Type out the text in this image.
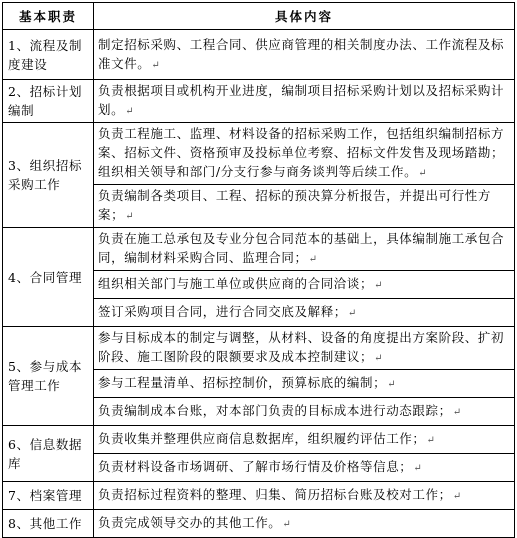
基本职责	具体内容
1、流程及制度建设	制定招标采购、工程合同、供应商管理的相关制度办法、工作流程及标准文件。↵
2、招标计划编制	负责根据项目或机构开业进度，编制项目招标采购计划以及招标采购计划。↵
3、组织招标采购工作	负责工程施工、监理、材料设备的招标采购工作，包括组织编制招标方案、招标文件、资格预审及投标单位考察、招标文件发售及现场踏勘；组织相关领导和部门/分支行参与商务谈判等后续工作。↵
	负责编制各类项目、工程、招标的预决算分析报告，并提出可行性方案；↵
4、合同管理	负责在施工总承包及专业分包合同范本的基础上，具体编制施工承包合同，编制材料采购合同、监理合同；↵
	组织相关部门与施工单位或供应商的合同洽谈；↵
	签订采购项目合同，进行合同交底及解释；↵
5、参与成本管理工作	参与目标成本的制定与调整，从材料、设备的角度提出方案阶段、扩初阶段、施工图阶段的限额要求及成本控制建议；↵
	参与工程量清单、招标控制价，预算标底的编制；↵
	负责编制成本台账，对本部门负责的目标成本进行动态跟踪；↵
6、信息数据库	负责收集并整理供应商信息数据库，组织履约评估工作；↵
	负责材料设备市场调研、了解市场行情及价格等信息；↵
7、档案管理	负责招标过程资料的整理、归集、简历招标台账及校对工作；↵
8、其他工作	负责完成领导交办的其他工作。↵
